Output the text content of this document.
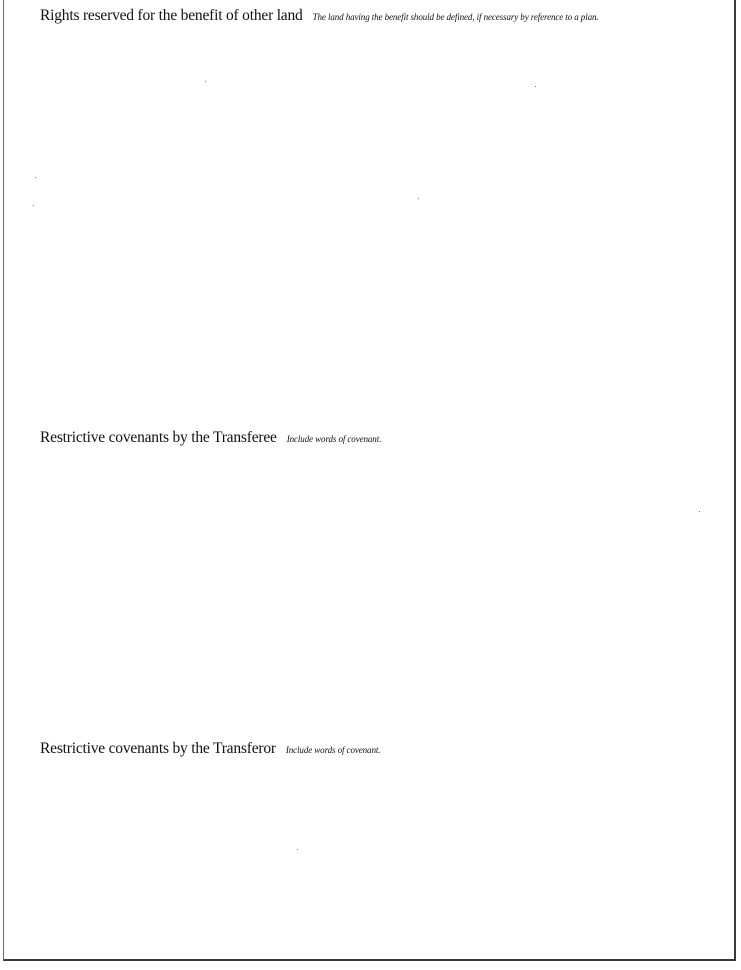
Rights reserved for the benefit of other land The land having the benefit should be defined, if necessary by reference to a plan.
Restrictive covenants by the Transferee Include words of covenant.
Restrictive covenants by the Transferor Include words of covenant.
